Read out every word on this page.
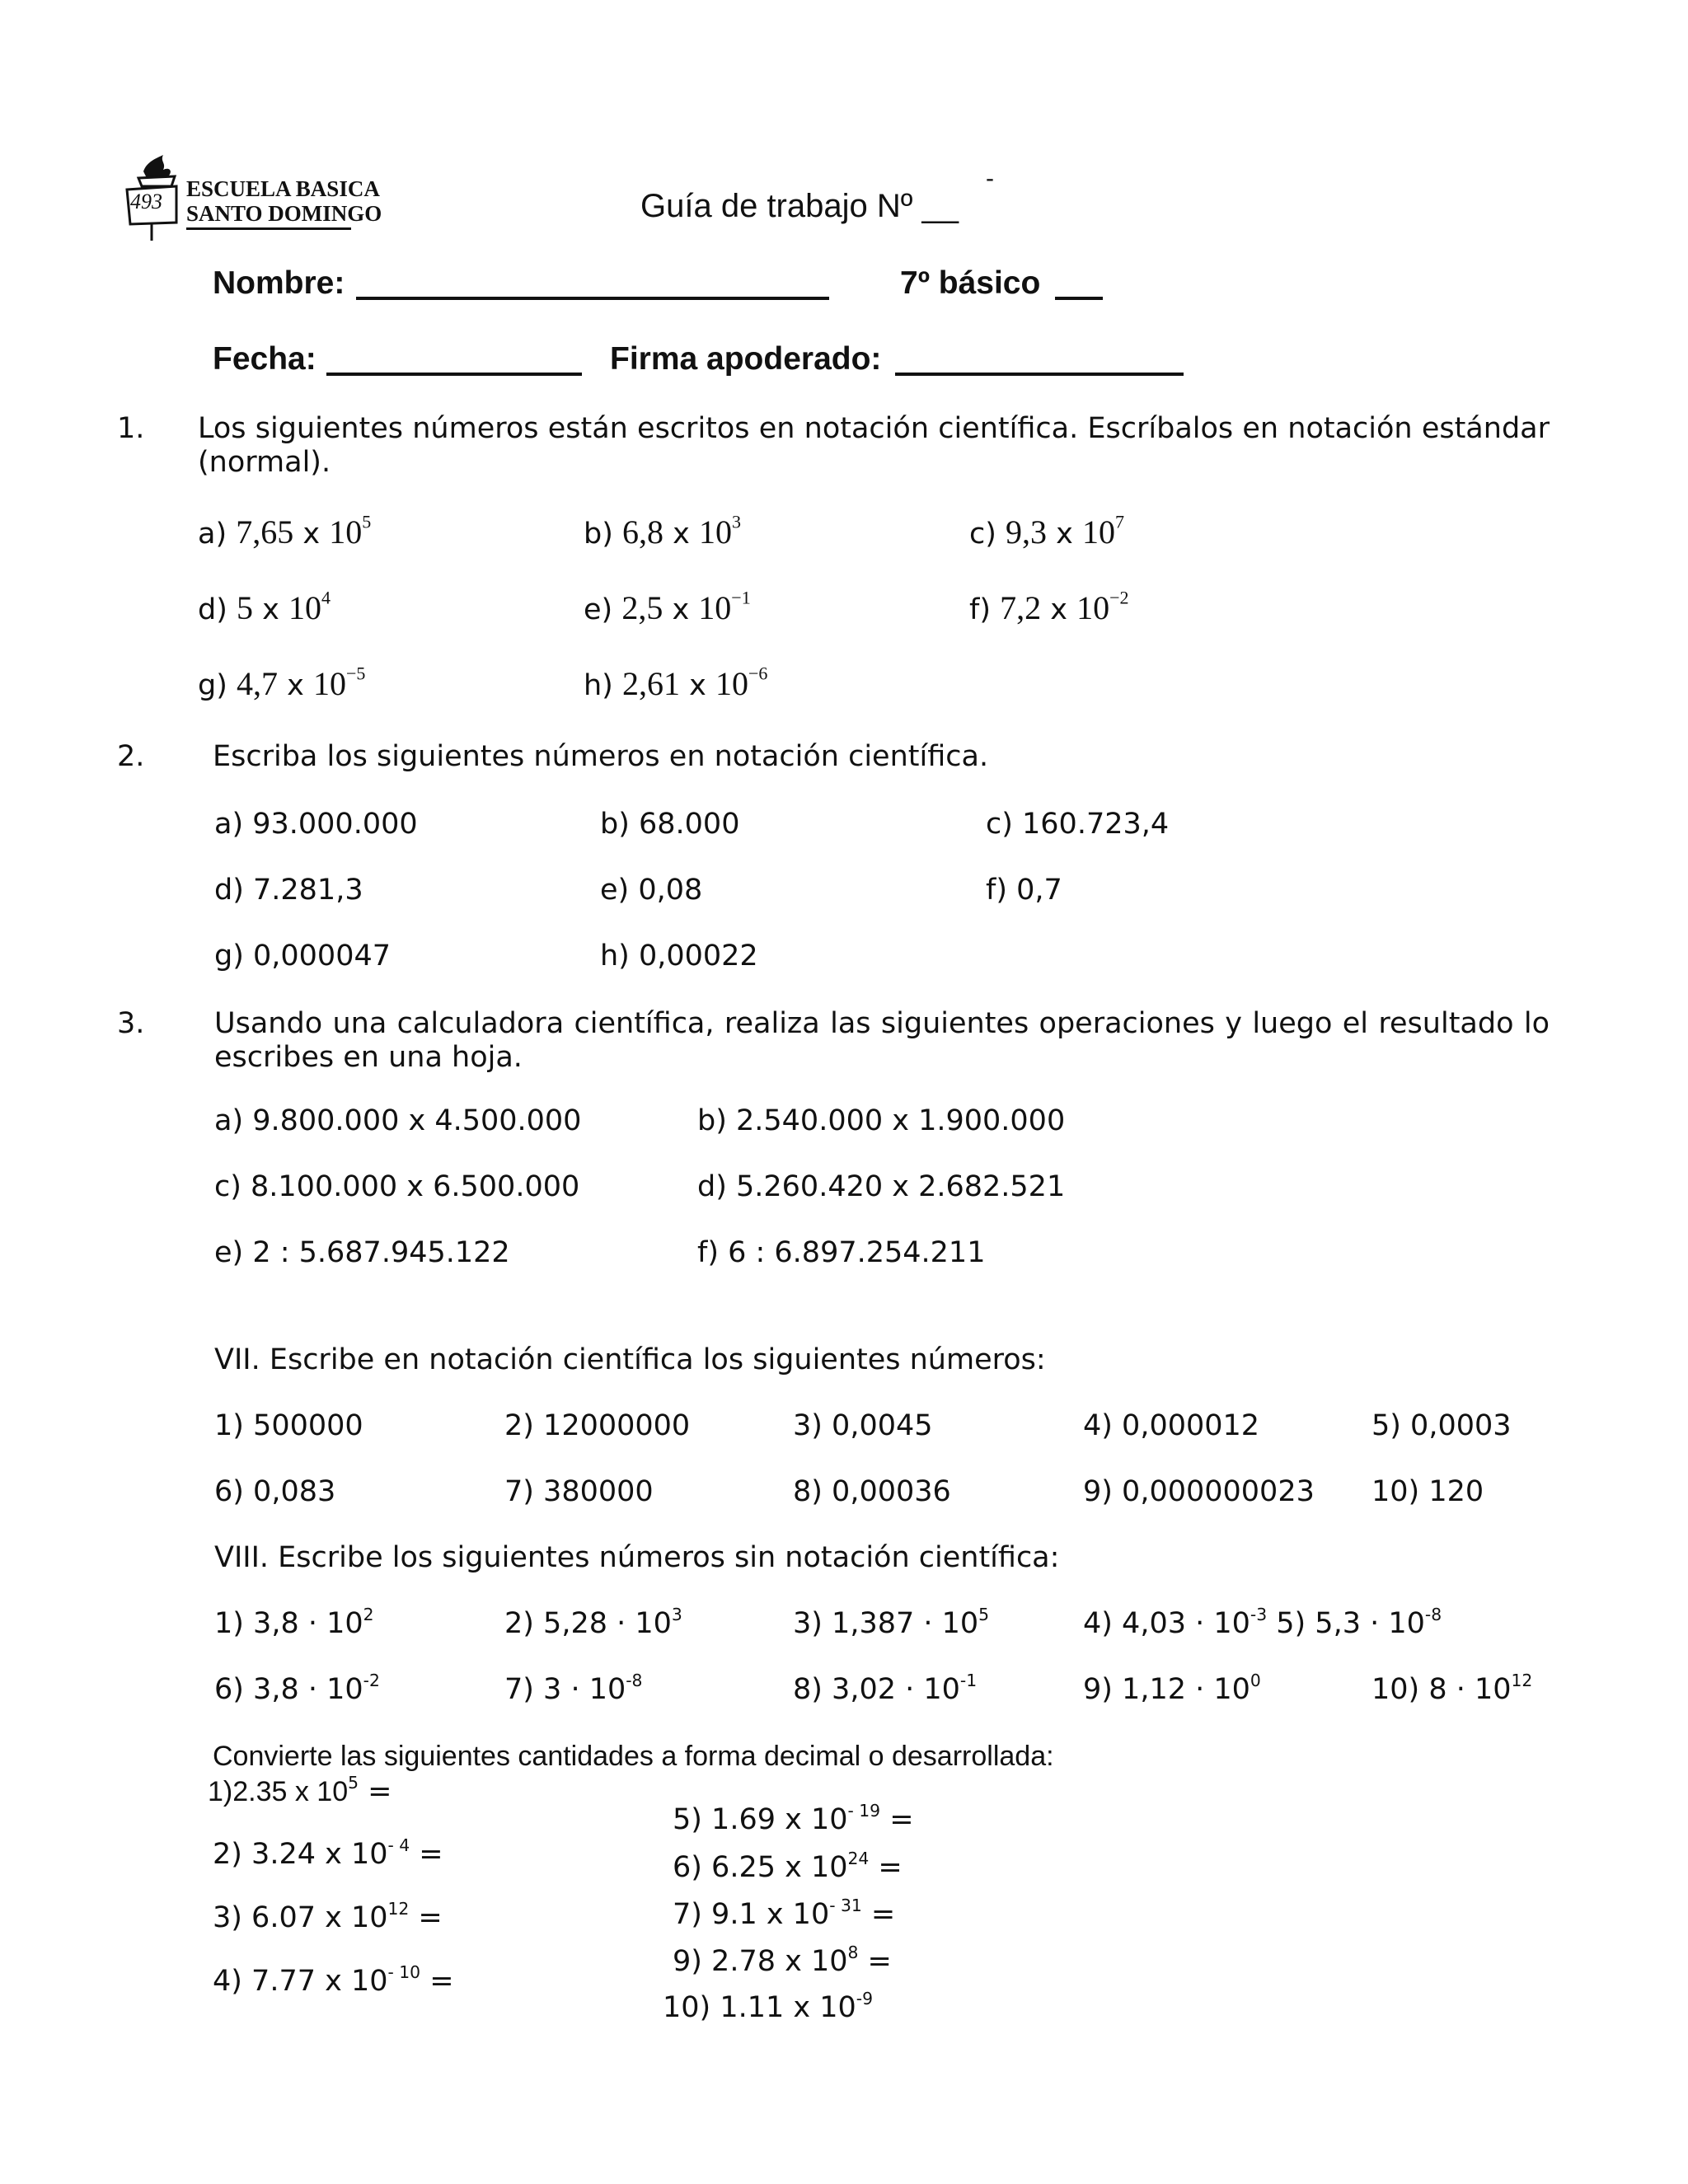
493
ESCUELA BASICA
SANTO DOMINGO	Guía de trabajo Nº __
-
Nombre:	7º básico
Fecha:	Firma apoderado:
1. Los siguientes números están escritos en notación científica. Escríbalos en notación estándar (normal).
2. Escriba los siguientes números en notación científica.
3. Usando una calculadora científica, realiza las siguientes operaciones y luego el resultado lo escribes en una hoja.
VII. Escribe en notación científica los siguientes números:
VIII. Escribe los siguientes números sin notación científica:
Convierte las siguientes cantidades a forma decimal o desarrollada:
a) 7,65 x $10^5$	b) 6,8 x $10^3$	c) 9,3 x $10^7$
d) 5 x $10^4$	e) 2,5 x $10^{-1}$	f) 7,2 x $10^{-2}$
g) 4,7 x $10^{-5}$	h) 2,61 x $10^{-6}$
a) 93.000.000	b) 68.000	c) 160.723,4
d) 7.281,3	e) 0,08	f) 0,7
g) 0,000047	h) 0,00022
a) 9.800.000 x 4.500.000	b) 2.540.000 x 1.900.000
c) 8.100.000 x 6.500.000	d) 5.260.420 x 2.682.521
e) 2 : 5.687.945.122	f) 6 : 6.897.254.211
1) 500000	2) 12000000	3) 0,0045	4) 0,000012	5) 0,0003
6) 0,083	7) 380000	8) 0,00036	9) 0,000000023 10) 120
1) $3,8 \cdot 10^2$	2) $5,28 \cdot 10^3$	3) $1,387 \cdot 10^5$	4) $4,03 \cdot 10^{-3}$ 5) $5,3 \cdot 10^{-8}$
6) $3,8 \cdot 10^{-2}$	7) $3 \cdot 10^{-8}$	8) $3,02 \cdot 10^{-1}$	9) $1,12 \cdot 10^0$	10) $8 \cdot 10^{12}$
1)2.35 x $10^5$ =
2) 3.24 x $10^{- 4}$ =
3) 6.07 x $10^{12}$ =
4) 7.77 x $10^{- 10}$ =
5) 1.69 x $10^{- 19}$ =
6) 6.25 x $10^{24}$ =
7) 9.1 x $10^{- 31}$ =
9) 2.78 x $10^8$ =
10) 1.11 x $10^{-9}$
